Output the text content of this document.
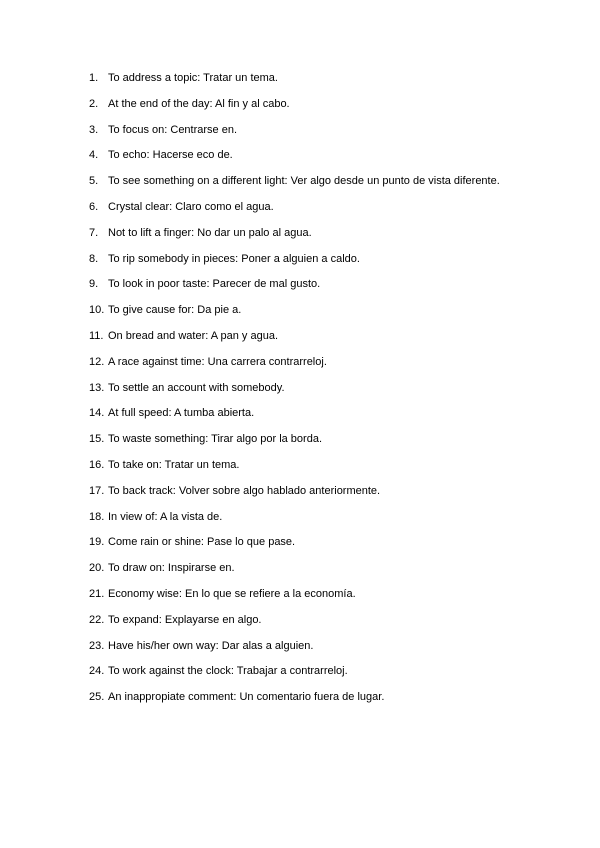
1. To address a topic: Tratar un tema.
2. At the end of the day: Al fin y al cabo.
3. To focus on: Centrarse en.
4. To echo: Hacerse eco de.
5. To see something on a different light: Ver algo desde un punto de vista diferente.
6. Crystal clear: Claro como el agua.
7. Not to lift a finger: No dar un palo al agua.
8. To rip somebody in pieces: Poner a alguien a caldo.
9. To look in poor taste: Parecer de mal gusto.
10. To give cause for: Da pie a.
11. On bread and water: A pan y agua.
12. A race against time: Una carrera contrarreloj.
13. To settle an account with somebody.
14. At full speed: A tumba abierta.
15. To waste something: Tirar algo por la borda.
16. To take on: Tratar un tema.
17. To back track: Volver sobre algo hablado anteriormente.
18. In view of: A la vista de.
19. Come rain or shine: Pase lo que pase.
20. To draw on: Inspirarse en.
21. Economy wise: En lo que se refiere a la economía.
22. To expand: Explayarse en algo.
23. Have his/her own way: Dar alas a alguien.
24. To work against the clock: Trabajar a contrarreloj.
25. An inappropiate comment: Un comentario fuera de lugar.
